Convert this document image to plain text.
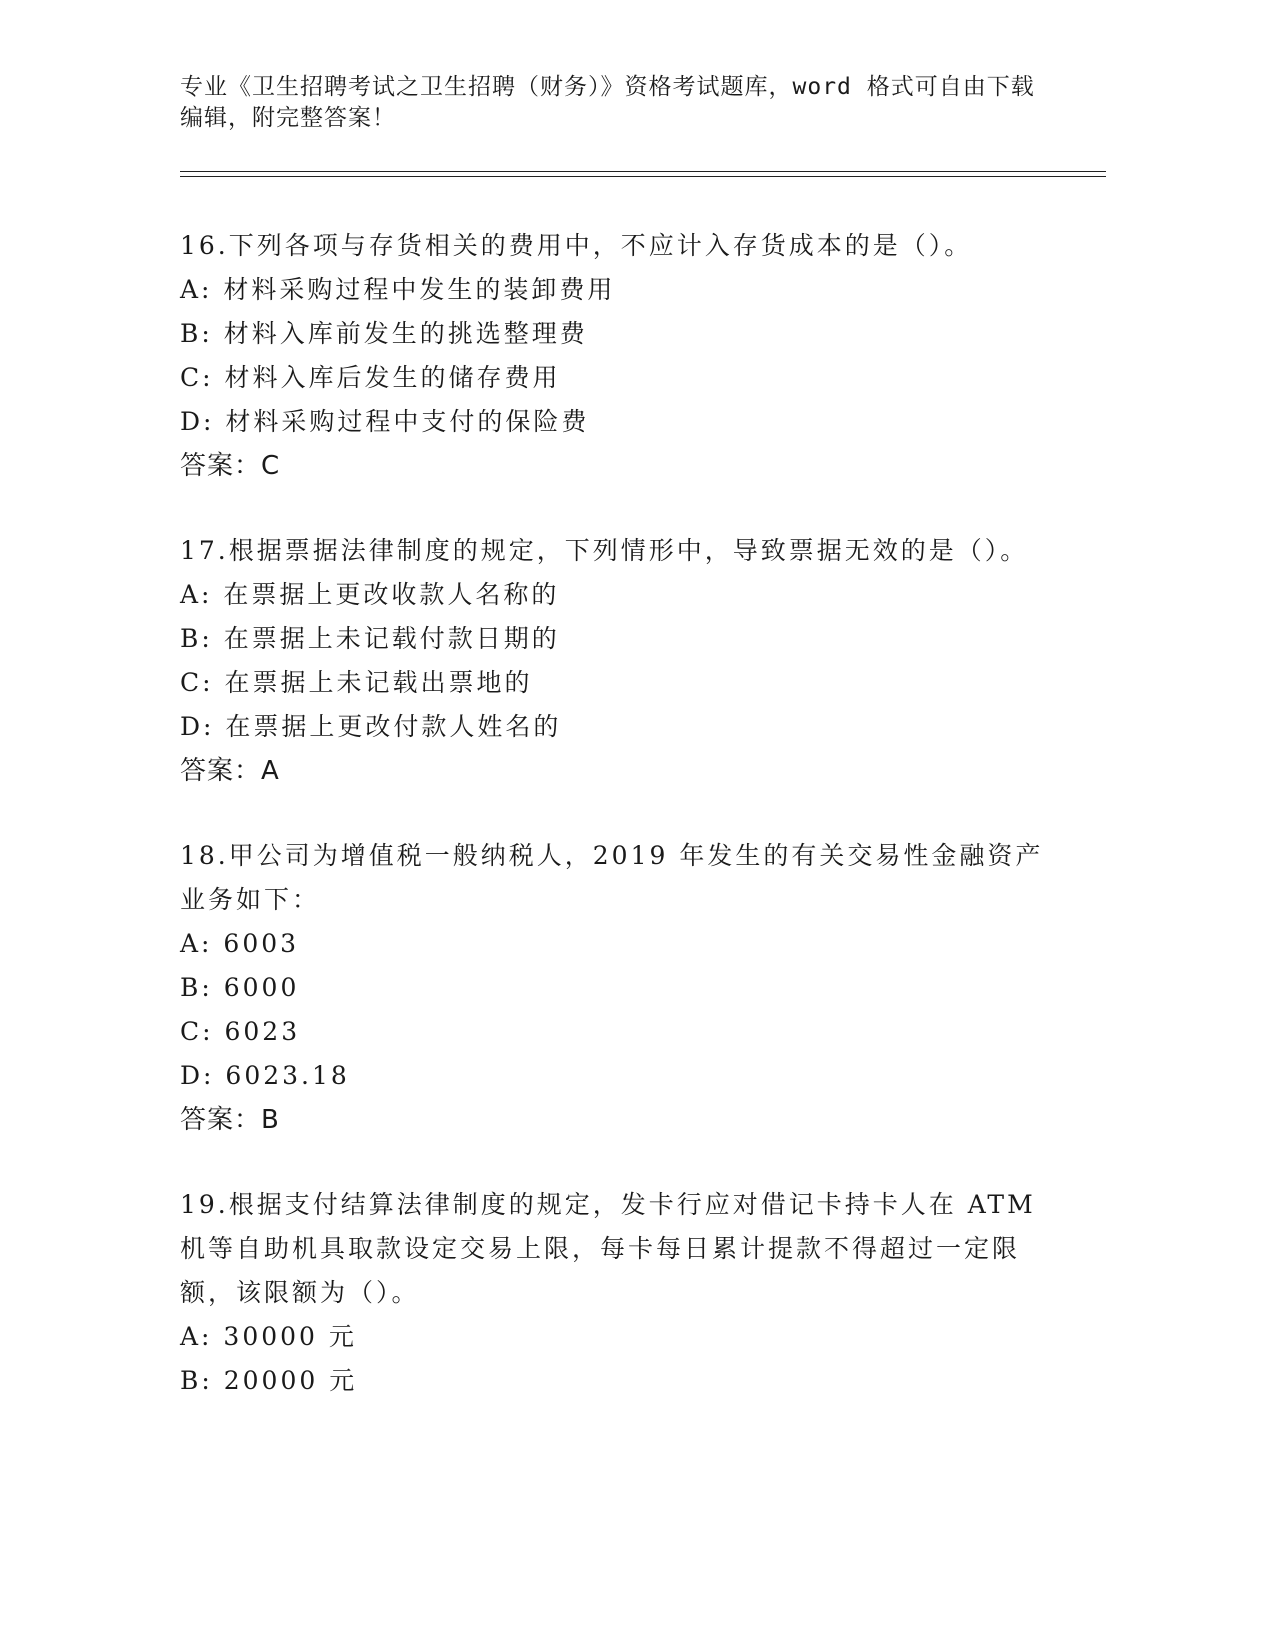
专业《卫生招聘考试之卫生招聘（财务）》资格考试题库，word 格式可自由下载
编辑，附完整答案！
16.下列各项与存货相关的费用中，不应计入存货成本的是（）。
A: 材料采购过程中发生的装卸费用
B: 材料入库前发生的挑选整理费
C: 材料入库后发生的储存费用
D: 材料采购过程中支付的保险费
答案：C
17.根据票据法律制度的规定，下列情形中，导致票据无效的是（）。
A: 在票据上更改收款人名称的
B: 在票据上未记载付款日期的
C: 在票据上未记载出票地的
D: 在票据上更改付款人姓名的
答案：A
18.甲公司为增值税一般纳税人，2019 年发生的有关交易性金融资产业务如下：
A: 6003
B: 6000
C: 6023
D: 6023.18
答案：B
19.根据支付结算法律制度的规定，发卡行应对借记卡持卡人在 ATM 机等自助机具取款设定交易上限，每卡每日累计提款不得超过一定限额，该限额为（）。
A: 30000 元
B: 20000 元
